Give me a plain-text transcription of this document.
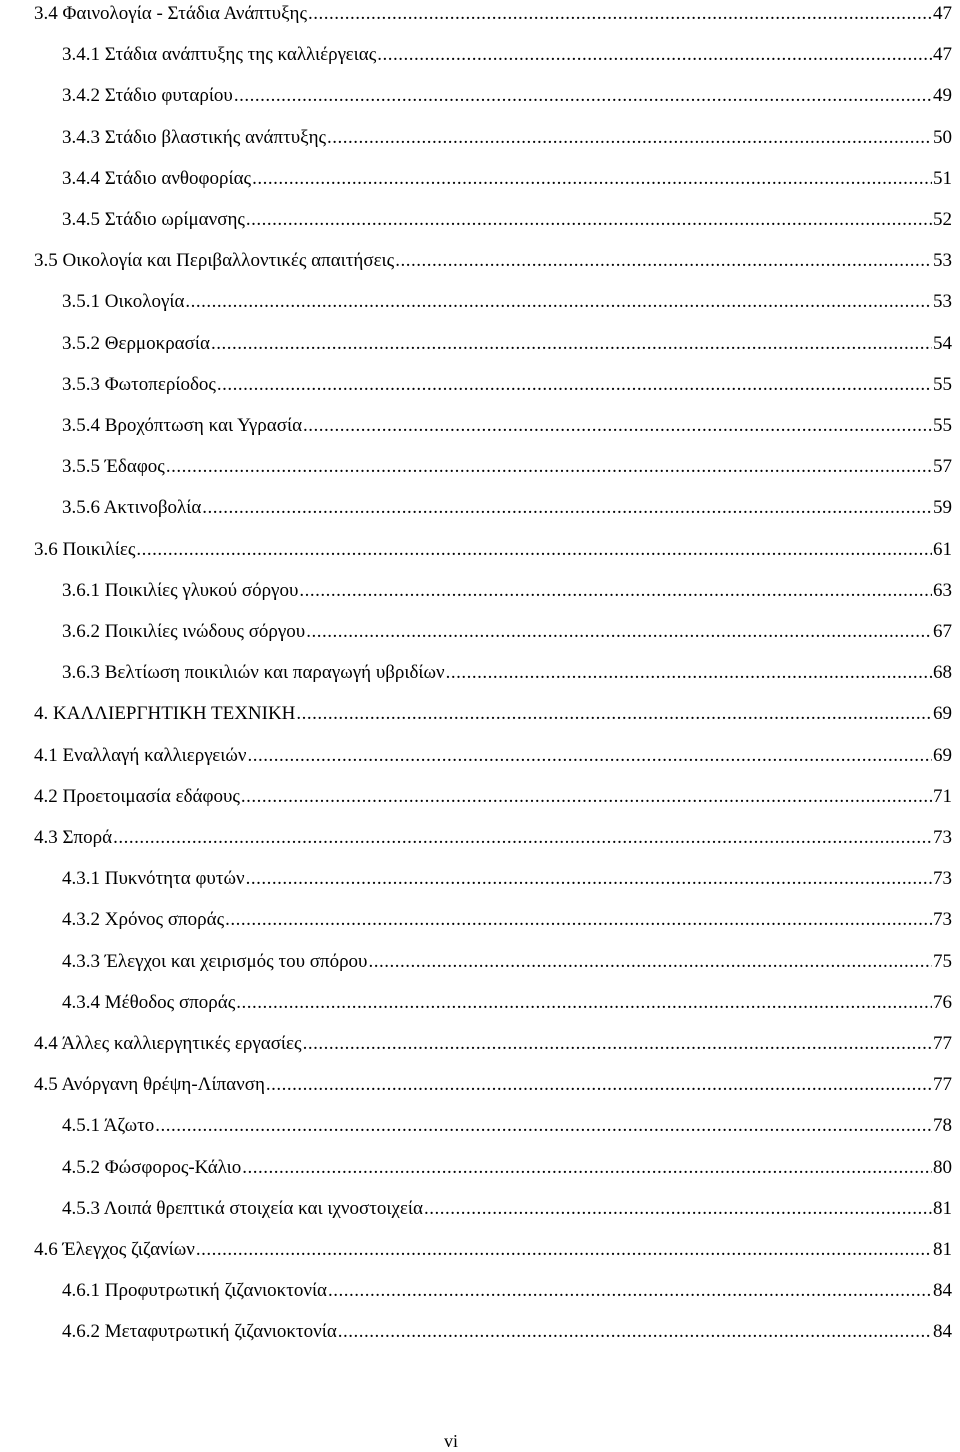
3.4 Φαινολογία - Στάδια Ανάπτυξης .....	47
3.4.1 Στάδια ανάπτυξης της καλλιέργειας .....	47
3.4.2 Στάδιο φυταρίου .....	49
3.4.3 Στάδιο βλαστικής ανάπτυξης .....	50
3.4.4 Στάδιο ανθοφορίας .....	51
3.4.5 Στάδιο ωρίμανσης .....	52
3.5 Οικολογία και Περιβαλλοντικές απαιτήσεις .....	53
3.5.1 Οικολογία .....	53
3.5.2 Θερμοκρασία .....	54
3.5.3 Φωτοπερίοδος .....	55
3.5.4 Βροχόπτωση και Υγρασία .....	55
3.5.5 Έδαφος .....	57
3.5.6 Ακτινοβολία .....	59
3.6 Ποικιλίες .....	61
3.6.1 Ποικιλίες γλυκού σόργου .....	63
3.6.2 Ποικιλίες ινώδους σόργου .....	67
3.6.3 Βελτίωση ποικιλιών και παραγωγή υβριδίων .....	68
4. ΚΑΛΛΙΕΡΓΗΤΙΚΗ ΤΕΧΝΙΚΗ .....	69
4.1 Εναλλαγή καλλιεργειών .....	69
4.2 Προετοιμασία εδάφους .....	71
4.3 Σπορά .....	73
4.3.1 Πυκνότητα φυτών .....	73
4.3.2 Χρόνος σποράς .....	73
4.3.3 Έλεγχοι και χειρισμός του σπόρου .....	75
4.3.4 Μέθοδος σποράς .....	76
4.4 Άλλες καλλιεργητικές εργασίες .....	77
4.5 Ανόργανη θρέψη-Λίπανση .....	77
4.5.1 Άζωτο .....	78
4.5.2 Φώσφορος-Κάλιο .....	80
4.5.3 Λοιπά θρεπτικά στοιχεία και ιχνοστοιχεία .....	81
4.6 Έλεγχος ζιζανίων .....	81
4.6.1 Προφυτρωτική ζιζανιοκτονία .....	84
4.6.2 Μεταφυτρωτική ζιζανιοκτονία .....	84
vi
